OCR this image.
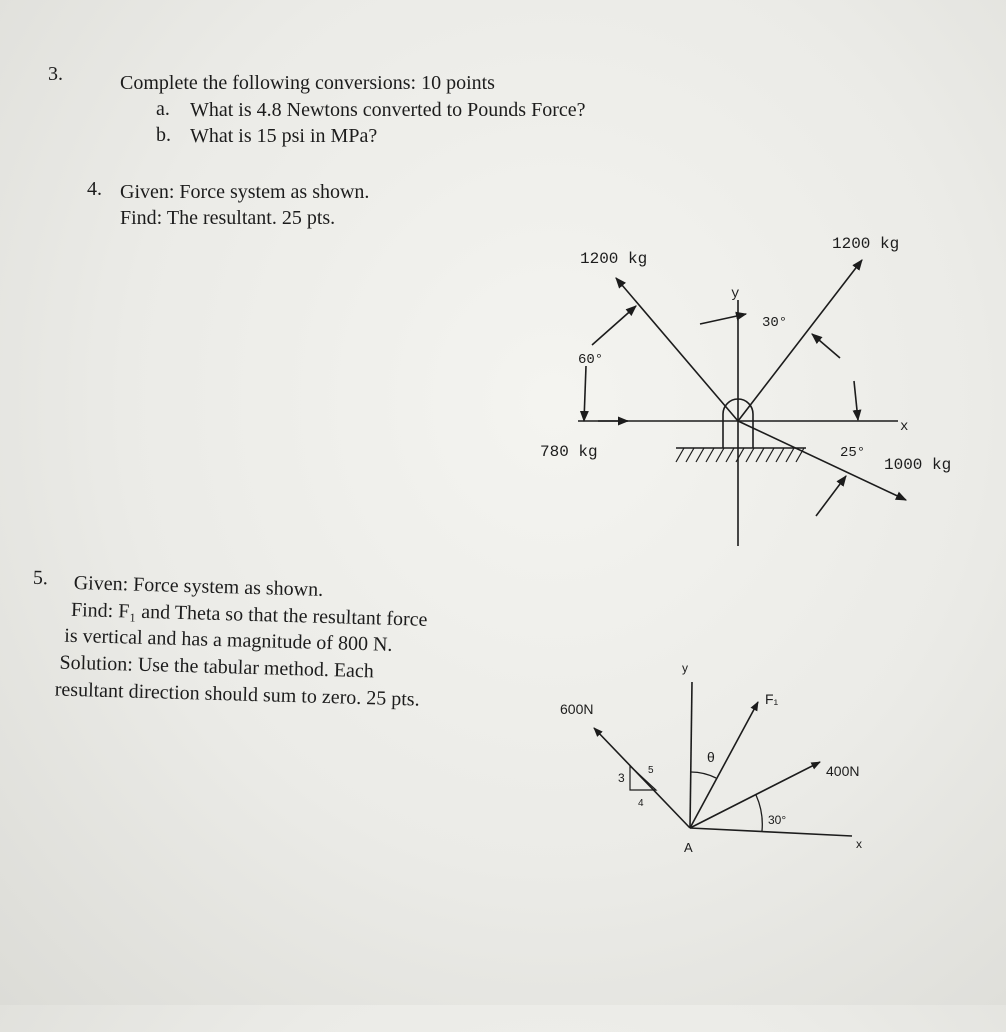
3.	Complete the following conversions: 10 points
a. What is 4.8 Newtons converted to Pounds Force?
b. What is 15 psi in MPa?
4. Given: Force system as shown.
Find: The resultant. 25 pts.
5. Given: Force system as shown.
Find: F₁ and Theta so that the resultant force
is vertical and has a magnitude of 800 N.
Solution: Use the tabular method. Each
resultant direction should sum to zero. 25 pts.
1200 kg
1200 kg
780 kg
1000 kg
30°
60°
25°
y
x
600N
400N
F₁
θ
30°
3
4
5
y
x
A
